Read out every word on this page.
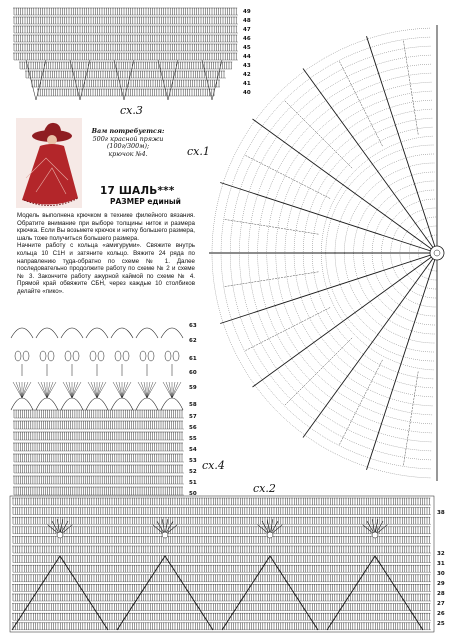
сх.3
сх.1
сх.4
сх.2
Вам потребуется:
500г красной пряжи
(100г/300м);
крючок №4.
17 ШАЛЬ***
РАЗМЕР единый

Модель выполнена крючком в технике филейного вязания. Обратите внимание при выборе толщины ниток и размера крючка. Если Вы возьмете крючок и нитку большего размера, шаль тоже получиться большего размера.

Начните работу с кольца «амигуруми». Свяжите внутрь кольца 10 С1Н и затяните кольцо. Вяжите 24 ряда по направлению туда-обратно по схеме № 1. Далее последовательно продолжите работу по схеме № 2 и схеме № 3. Закончите работу ажурной каймой по схеме № 4. Прямой край обвяжите СБН, через каждые 10 столбиков делайте «пико».

49
48
47
46
45
44
43
42
41
40
63
62
61
60
59
58
57
56
55
54
53
52
51
50
38
32
31
30
29
28
27
26
25
